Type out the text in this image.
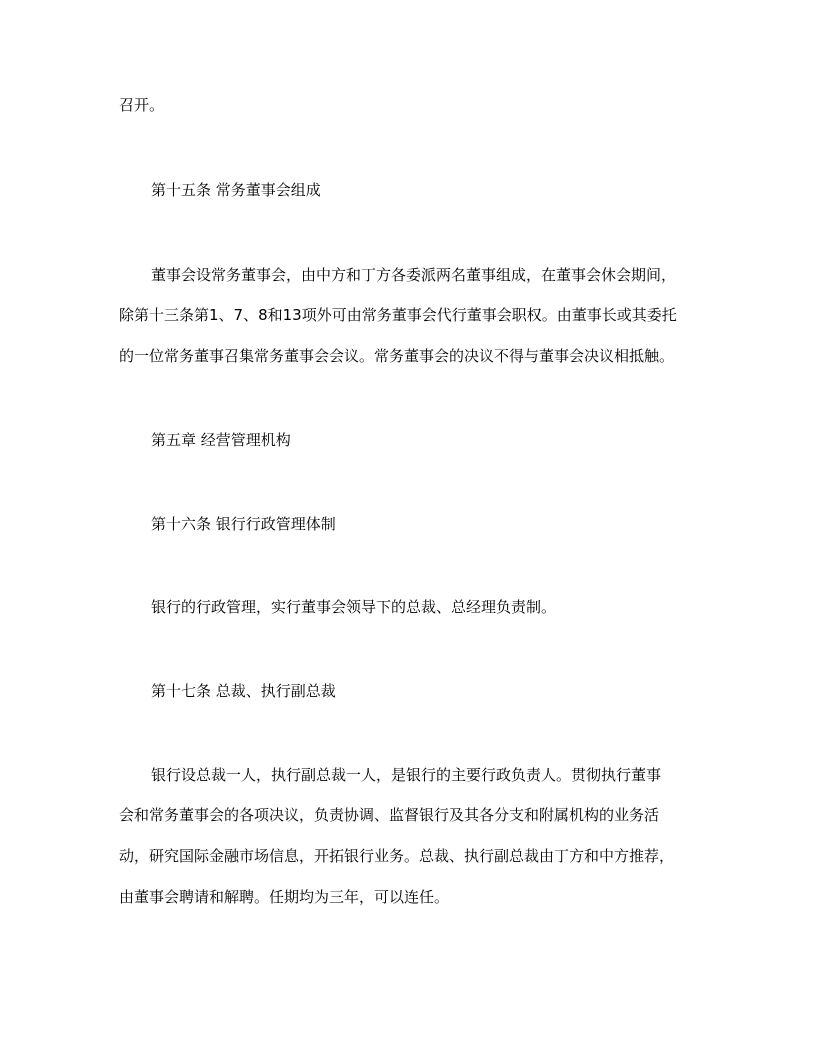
召开。
第十五条 常务董事会组成
董事会设常务董事会，由中方和丁方各委派两名董事组成，在董事会休会期间，
除第十三条第1、7、8和13项外可由常务董事会代行董事会职权。由董事长或其委托
的一位常务董事召集常务董事会会议。常务董事会的决议不得与董事会决议相抵触。
第五章 经营管理机构
第十六条 银行行政管理体制
银行的行政管理，实行董事会领导下的总裁、总经理负责制。
第十七条 总裁、执行副总裁
银行设总裁一人，执行副总裁一人，是银行的主要行政负责人。贯彻执行董事
会和常务董事会的各项决议，负责协调、监督银行及其各分支和附属机构的业务活
动，研究国际金融市场信息，开拓银行业务。总裁、执行副总裁由丁方和中方推荐，
由董事会聘请和解聘。任期均为三年，可以连任。
